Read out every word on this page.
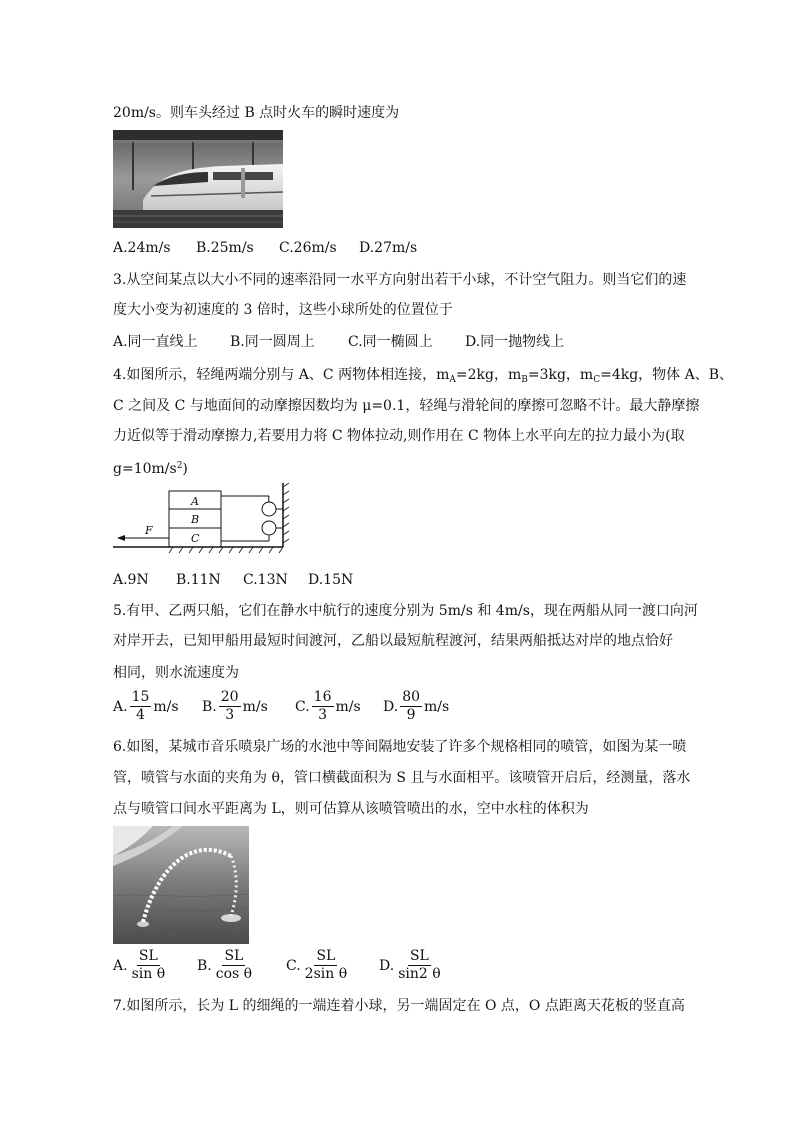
20m/s。则车头经过 B 点时火车的瞬时速度为
A.24m/s B.25m/s C.26m/s D.27m/s
3.从空间某点以大小不同的速率沿同一水平方向射出若干小球，不计空气阻力。则当它们的速
度大小变为初速度的 3 倍时，这些小球所处的位置位于
A.同一直线上 B.同一圆周上 C.同一椭圆上 D.同一抛物线上
4.如图所示，轻绳两端分别与 A、C 两物体相连接，$m_A=2kg$，$m_B=3kg$，$m_C=4kg$，物体 A、B、
C 之间及 C 与地面间的动摩擦因数均为 μ=0.1，轻绳与滑轮间的摩擦可忽略不计。最大静摩擦
力近似等于滑动摩擦力,若要用力将 C 物体拉动,则作用在 C 物体上水平向左的拉力最小为(取
$g=10m/s^2$)
A
B
C
F
A.9N B.11N C.13N D.15N
5.有甲、乙两只船，它们在静水中航行的速度分别为 5m/s 和 4m/s，现在两船从同一渡口向河
对岸开去，已知甲船用最短时间渡河，乙船以最短航程渡河，结果两船抵达对岸的地点恰好
相同，则水流速度为
A. $\frac{15}{4} m/s$ B. $\frac{20}{3} m/s$ C. $\frac{16}{3} m/s$ D. $\frac{80}{9} m/s$
6.如图，某城市音乐喷泉广场的水池中等间隔地安装了许多个规格相同的喷管，如图为某一喷
管，喷管与水面的夹角为 θ，管口横截面积为 S 且与水面相平。该喷管开启后，经测量，落水
点与喷管口间水平距离为 L，则可估算从该喷管喷出的水，空中水柱的体积为
A. $\frac{SL}{\text{sin θ}} B$. $\frac{SL}{\text{cos θ}} C$. $\frac{SL}{\text{2sin θ}} D$. $\frac{SL}{\sin 2 \theta}$
7.如图所示，长为 L 的细绳的一端连着小球，另一端固定在 O 点，O 点距离天花板的竖直高
